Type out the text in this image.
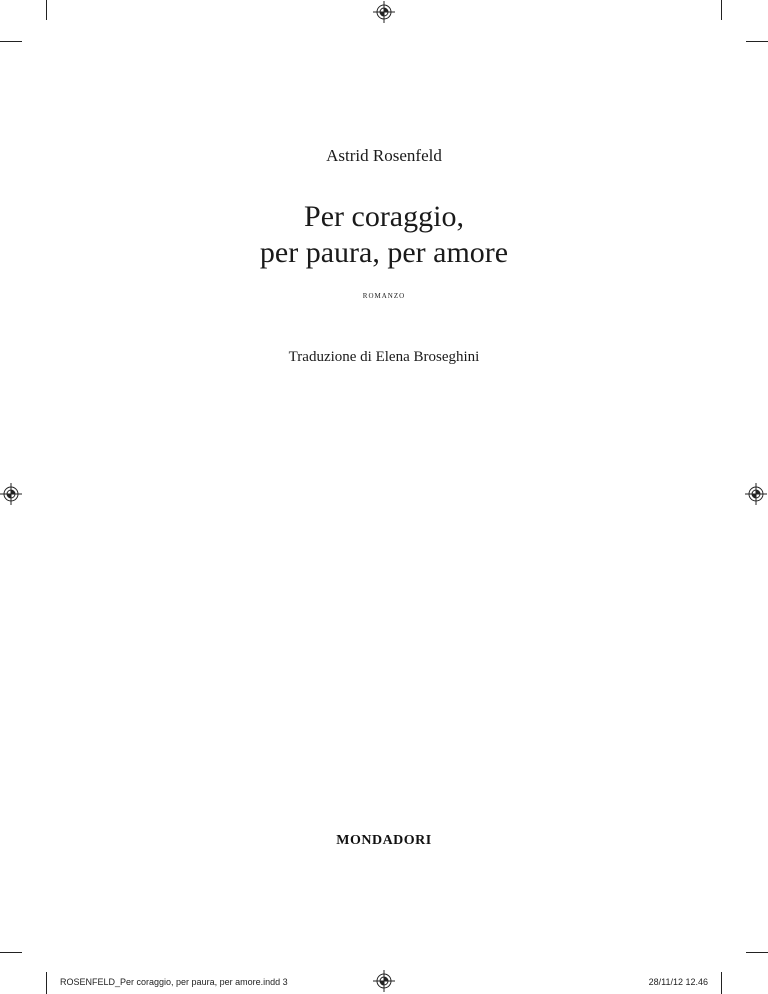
Astrid Rosenfeld
Per coraggio,
per paura, per amore
romanzo
Traduzione di Elena Broseghini
MONDADORI
ROSENFELD_Per coraggio, per paura, per amore.indd 3	28/11/12 12.46
